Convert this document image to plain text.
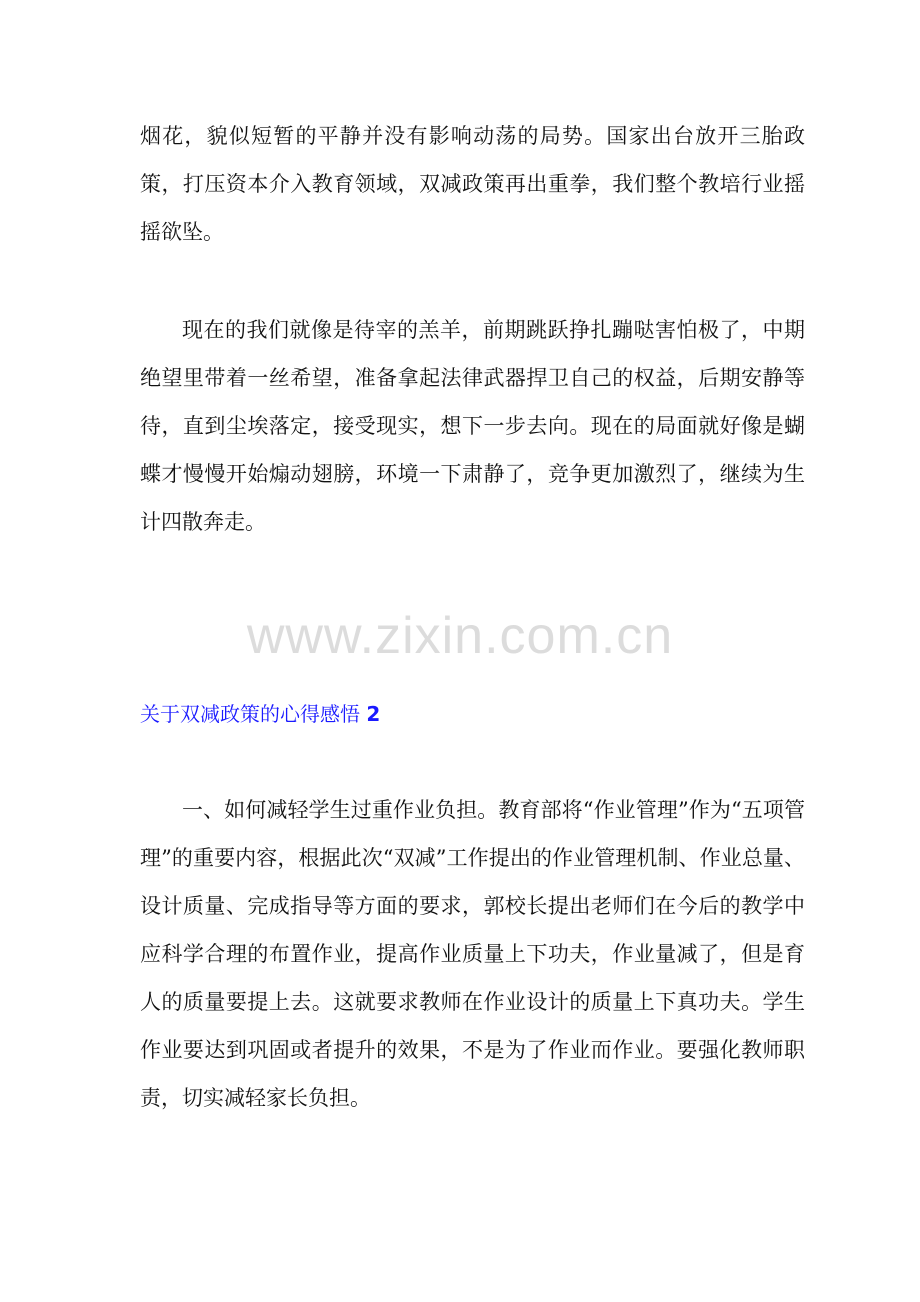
烟花，貌似短暂的平静并没有影响动荡的局势。国家出台放开三胎政策，打压资本介入教育领域，双减政策再出重拳，我们整个教培行业摇摇欲坠。

现在的我们就像是待宰的羔羊，前期跳跃挣扎蹦哒害怕极了，中期绝望里带着一丝希望，准备拿起法律武器捍卫自己的权益，后期安静等待，直到尘埃落定，接受现实，想下一步去向。现在的局面就好像是蝴蝶才慢慢开始煽动翅膀，环境一下肃静了，竞争更加激烈了，继续为生计四散奔走。

www.zixin.com.cn
关于双减政策的心得感悟 2

一、如何减轻学生过重作业负担。教育部将“作业管理”作为“五项管理”的重要内容，根据此次“双减”工作提出的作业管理机制、作业总量、设计质量、完成指导等方面的要求，郭校长提出老师们在今后的教学中应科学合理的布置作业，提高作业质量上下功夫，作业量减了，但是育人的质量要提上去。这就要求教师在作业设计的质量上下真功夫。学生作业要达到巩固或者提升的效果，不是为了作业而作业。要强化教师职责，切实减轻家长负担。
